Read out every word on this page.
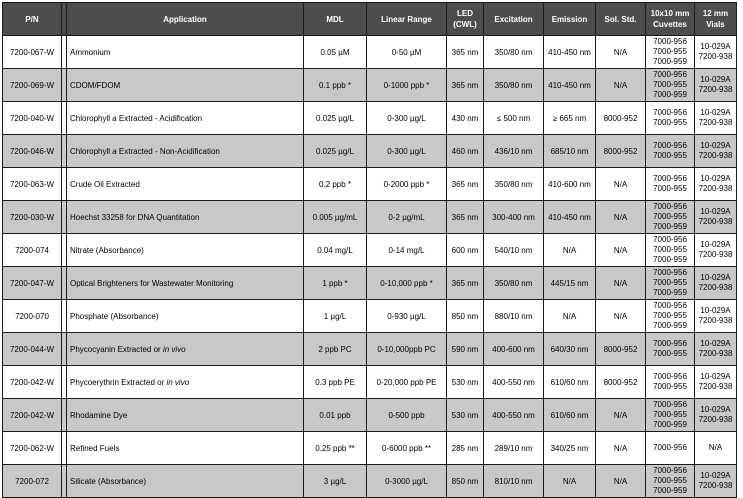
P/N		Application	MDL	Linear Range	LED
(CWL)	Excitation	Emission	Sol. Std.	10x10 mm
Cuvettes	12 mm
Vials

7200-067-W		Ammonium	0.05 µM	0-50 µM	365 nm	350/80 nm	410-450 nm	N/A	7000-956
7000-955
7000-959	10-029A
7200-938

7200-069-W		CDOM/FDOM	0.1 ppb *	0-1000 ppb *	365 nm	350/80 nm	410-450 nm	N/A	7000-956
7000-955
7000-959	10-029A
7200-938

7200-040-W		Chlorophyll a Extracted - Acidification	0.025 µg/L	0-300 µg/L	430 nm	≤ 500 nm	≥ 665 nm	8000-952	7000-956
7000-955	10-029A
7200-938

7200-046-W		Chlorophyll a Extracted - Non-Acidification	0.025 µg/L	0-300 µg/L	460 nm	436/10 nm	685/10 nm	8000-952	7000-956
7000-955	10-029A
7200-938

7200-063-W		Crude Oil Extracted	0.2 ppb *	0-2000 ppb *	365 nm	350/80 nm	410-600 nm	N/A	7000-956
7000-955	10-029A
7200-938

7200-030-W		Hoechst 33258 for DNA Quantitation	0.005 µg/mL	0-2 µg/mL	365 nm	300-400 nm	410-450 nm	N/A	7000-956
7000-955
7000-959	10-029A
7200-938

7200-074		Nitrate (Absorbance)	0.04 mg/L	0-14 mg/L	600 nm	540/10 nm	N/A	N/A	7000-956
7000-955
7000-959	10-029A
7200-938

7200-047-W		Optical Brighteners for Wastewater Monitoring	1 ppb *	0-10,000 ppb *	365 nm	350/80 nm	445/15 nm	N/A	7000-956
7000-955
7000-959	10-029A
7200-938

7200-070		Phosphate (Absorbance)	1 µg/L	0-930 µg/L	850 nm	880/10 nm	N/A	N/A	7000-956
7000-955
7000-959	10-029A
7200-938

7200-044-W		Phycocyanin Extracted or in vivo	2 ppb PC	0-10,000ppb PC	590 nm	400-600 nm	640/30 nm	8000-952	7000-956
7000-955	10-029A
7200-938

7200-042-W		Phycoerythrin Extracted or in vivo	0.3 ppb PE	0-20,000 ppb PE	530 nm	400-550 nm	610/60 nm	8000-952	7000-956
7000-955	10-029A
7200-938

7200-042-W		Rhodamine Dye	0.01 ppb	0-500 ppb	530 nm	400-550 nm	610/60 nm	N/A	7000-956
7000-955
7000-959	10-029A
7200-938

7200-062-W		Refined Fuels	0.25 ppb **	0-6000 ppb **	285 nm	289/10 nm	340/25 nm	N/A	7000-956	N/A

7200-072		Silicate (Absorbance)	3 µg/L	0-3000 µg/L	850 nm	810/10 nm	N/A	N/A	7000-956
7000-955
7000-959	10-029A
7200-938
